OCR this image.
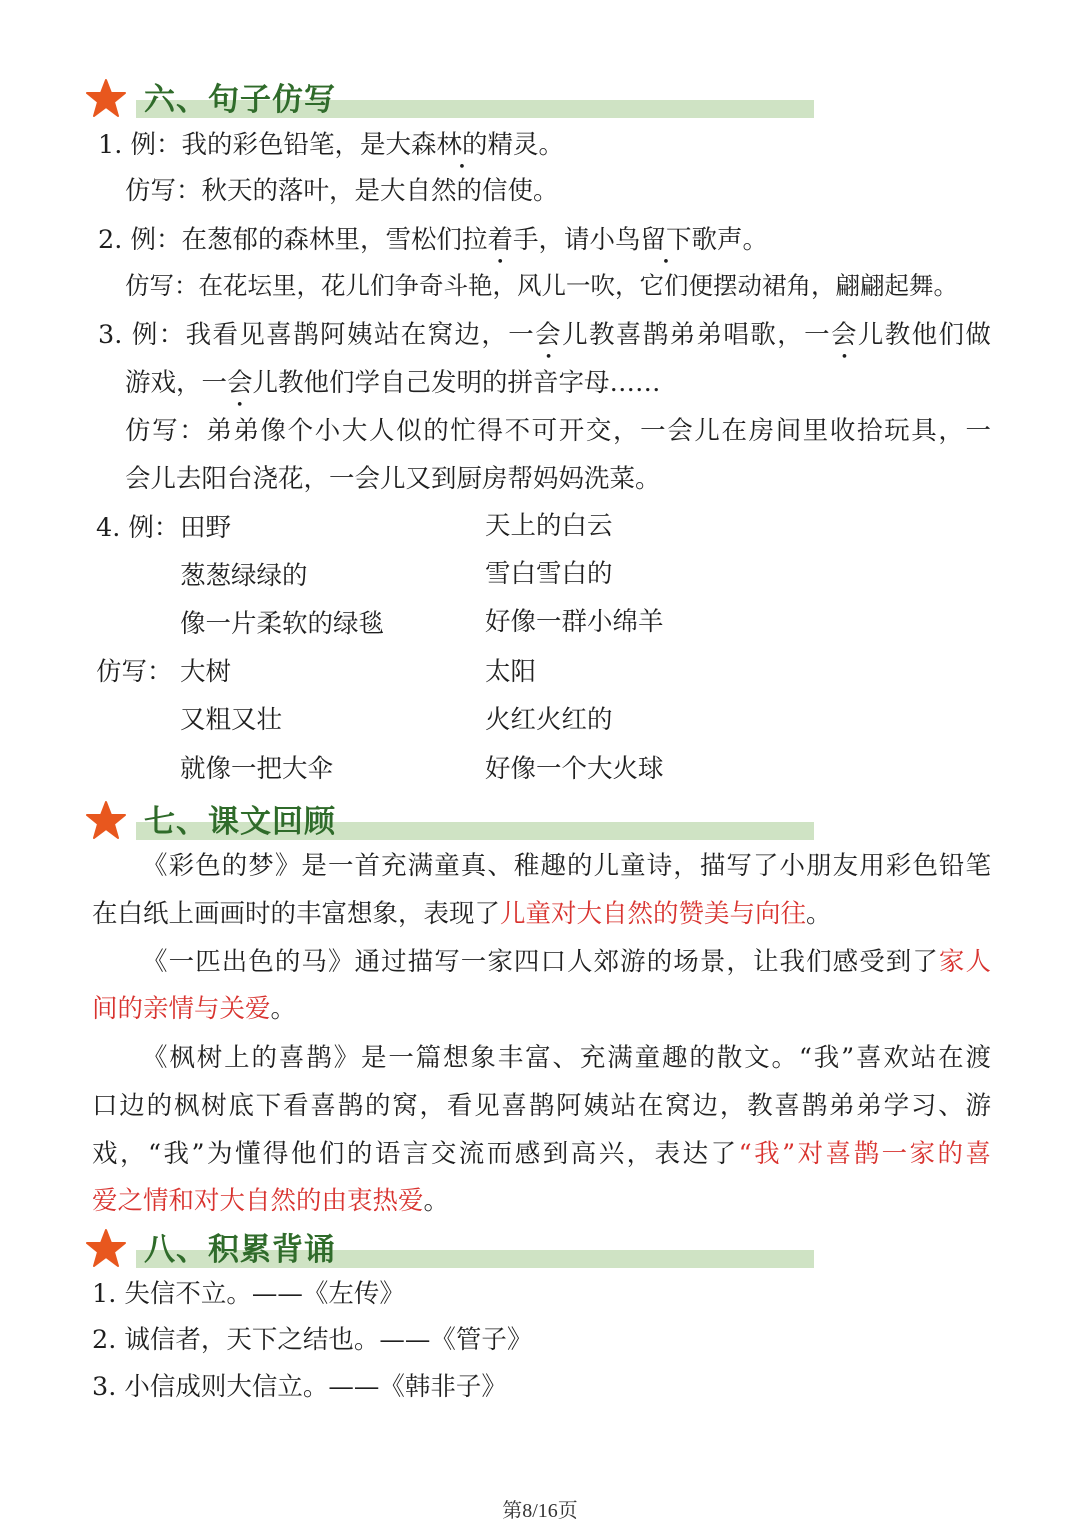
六、句子仿写
1. 例：我的彩色铅笔，是大森林的精灵 •。
仿写：秋天的落叶，是大自然的信使。
2. 例：在葱郁的森林里，雪松们拉着手，请小鸟留下歌声 •。
仿写：在花坛里，花儿们争奇斗艳，风儿一吹，它们便摆动裙角，翩翩起舞。
3. 例：我看见喜鹊阿姨站在窝边，一会儿教喜鹊弟弟唱歌，一会儿教他们做
游戏，一会儿教他们学自己发明的拼音字母……
仿写：弟弟像个小大人似的忙得不可开交，一会儿在房间里收拾玩具，一
会儿去阳台浇花，一会儿又到厨房帮妈妈洗菜。
4. 例： 田野
葱葱绿绿的
像一片柔软的绿毯
天上的白云
雪白雪白的
好像一群小绵羊
仿写： 大树
又粗又壮
就像一把大伞
太阳
火红火红的
好像一个大火球
七、课文回顾
《彩色的梦》是一首充满童真、稚趣的儿童诗，描写了小朋友用彩色铅笔
在白纸上画画时的丰富想象，表现了儿童对大自然的赞美与向往。
《一匹出色的马》通过描写一家四口人郊游的场景，让我们感受到了家人
间的亲情与关爱。
《枫树上的喜鹊》是一篇想象丰富、充满童趣的散文。“我”喜欢站在渡
口边的枫树底下看喜鹊的窝，看见喜鹊阿姨站在窝边，教喜鹊弟弟学习、游
戏，“我”为懂得他们的语言交流而感到高兴，表达了“我”对喜鹊一家的喜
爱之情和对大自然的由衷热爱。
八、积累背诵
1. 失信不立。——《左传》
2. 诚信者，天下之结也。——《管子》
3. 小信成则大信立。——《韩非子》
第8/16页
